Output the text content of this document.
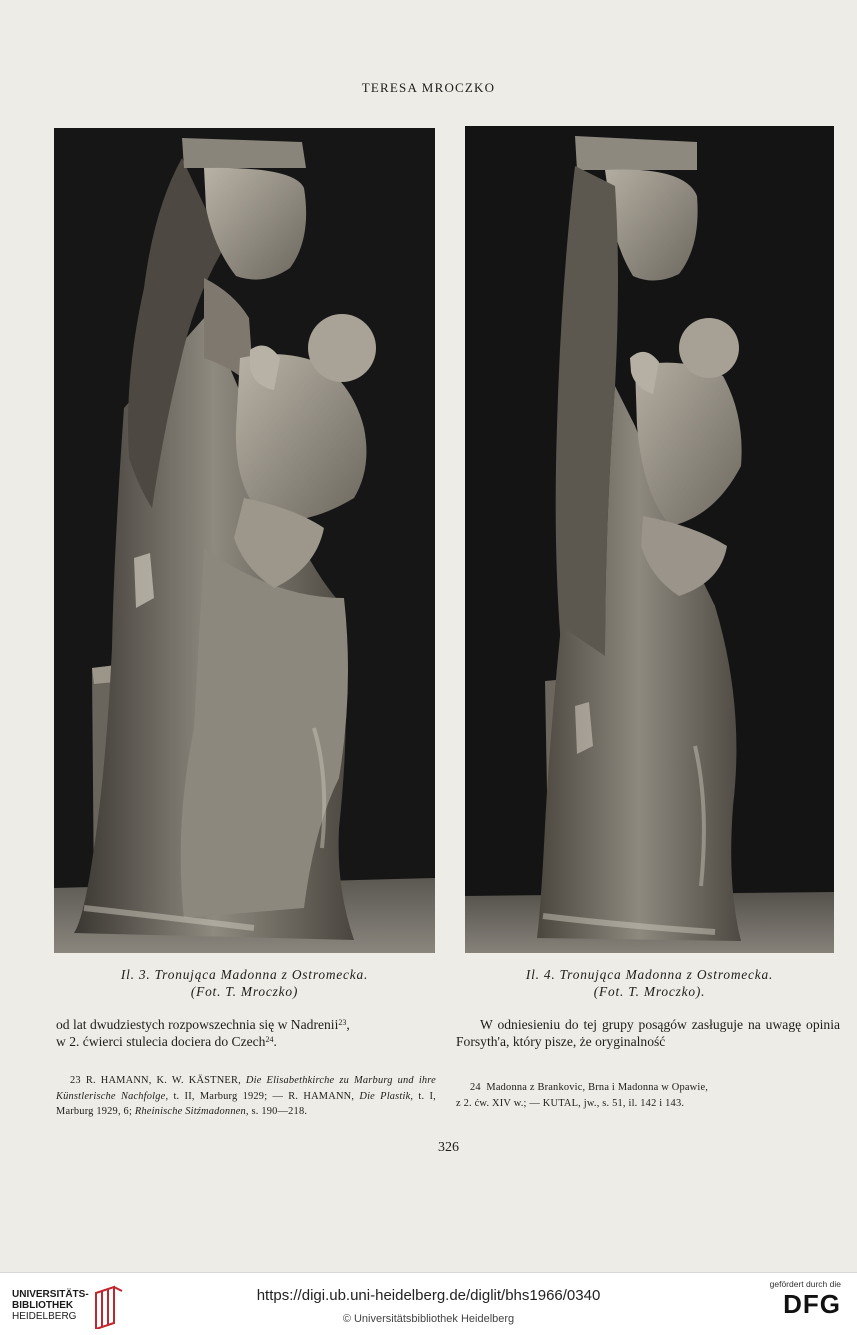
TERESA MROCZKO
Il. 3. Tronująca Madonna z Ostromecka.
(Fot. T. Mroczko)
Il. 4. Tronująca Madonna z Ostromecka.
(Fot. T. Mroczko).
od lat dwudziestych rozpowszechnia się w Nadrenii$^{23}$,
w 2. ćwierci stulecia dociera do Czech$^{24}$.
W odniesieniu do tej grupy posągów zasługuje na uwagę opinia Forsyth'a, który pisze, że oryginalność
23 R. HAMANN, K. W. KÄSTNER, Die Elisabethkirche zu Marburg und ihre Künstlerische Nachfolge, t. II, Marburg 1929; — R. HAMANN, Die Plastik, t. I, Marburg 1929, 6; Rheinische Sitźmadonnen, s. 190—218.
24 Madonna z Brankovic, Brna i Madonna w Opawie,
z 2. ćw. XIV w.; — KUTAL, jw., s. 51, il. 142 i 143.
326
UNIVERSITÄTS-
BIBLIOTHEK
HEIDELBERG
https://digi.ub.uni-heidelberg.de/diglit/bhs1966/0340
© Universitätsbibliothek Heidelberg
gefördert durch die
DFG
